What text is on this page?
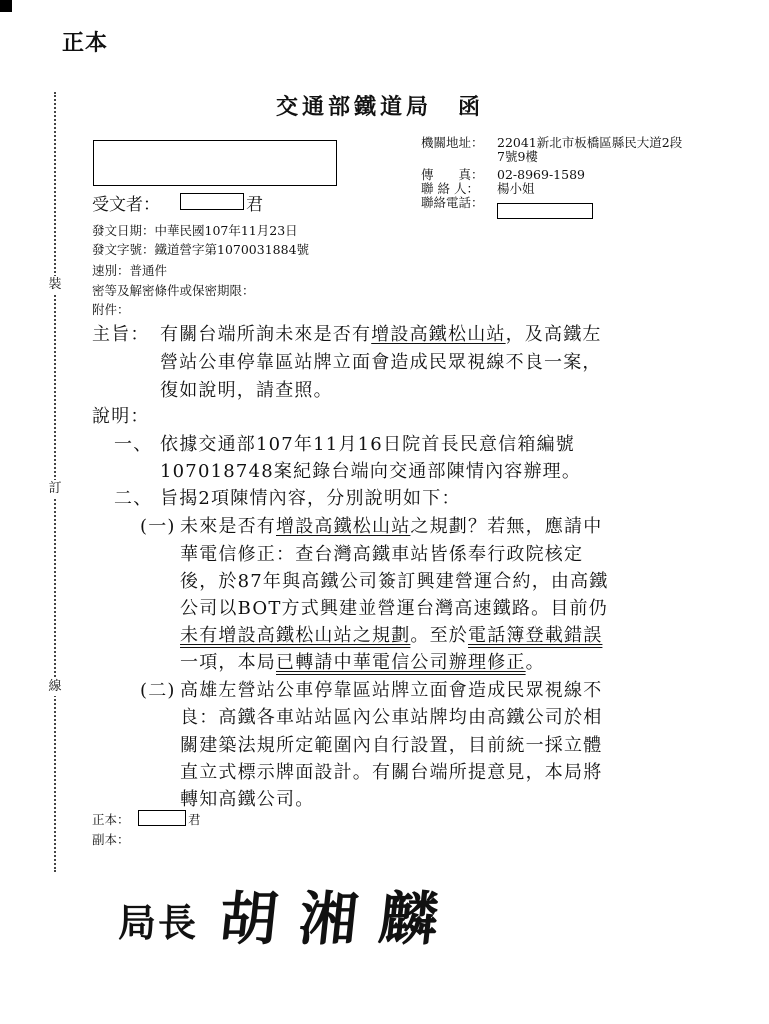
正本
裝
訂
線
交通部鐵道局　函
機關地址：	22041新北市板橋區縣民大道2段
7號9樓
傳　　真：	02-8969-1589
聯 絡 人：	楊小姐
聯絡電話：
受文者：	君
發文日期：中華民國107年11月23日
發文字號：鐵道營字第1070031884號
速別：普通件
密等及解密條件或保密期限：
附件：
主旨： 有關台端所詢未來是否有增設高鐵松山站，及高鐵左
營站公車停靠區站牌立面會造成民眾視線不良一案，
復如說明，請查照。
說明：
一、 依據交通部107年11月16日院首長民意信箱編號
107018748案紀錄台端向交通部陳情內容辦理。
二、 旨揭2項陳情內容，分別說明如下：
(一) 未來是否有增設高鐵松山站之規劃？若無，應請中
華電信修正：查台灣高鐵車站皆係奉行政院核定
後，於87年與高鐵公司簽訂興建營運合約，由高鐵
公司以BOT方式興建並營運台灣高速鐵路。目前仍
未有增設高鐵松山站之規劃。至於電話簿登載錯誤
一項，本局已轉請中華電信公司辦理修正。
(二) 高雄左營站公車停靠區站牌立面會造成民眾視線不
良：高鐵各車站站區內公車站牌均由高鐵公司於相
關建築法規所定範圍內自行設置，目前統一採立體
直立式標示牌面設計。有關台端所提意見，本局將
轉知高鐵公司。
正本：	君
副本：
局長 胡湘麟
